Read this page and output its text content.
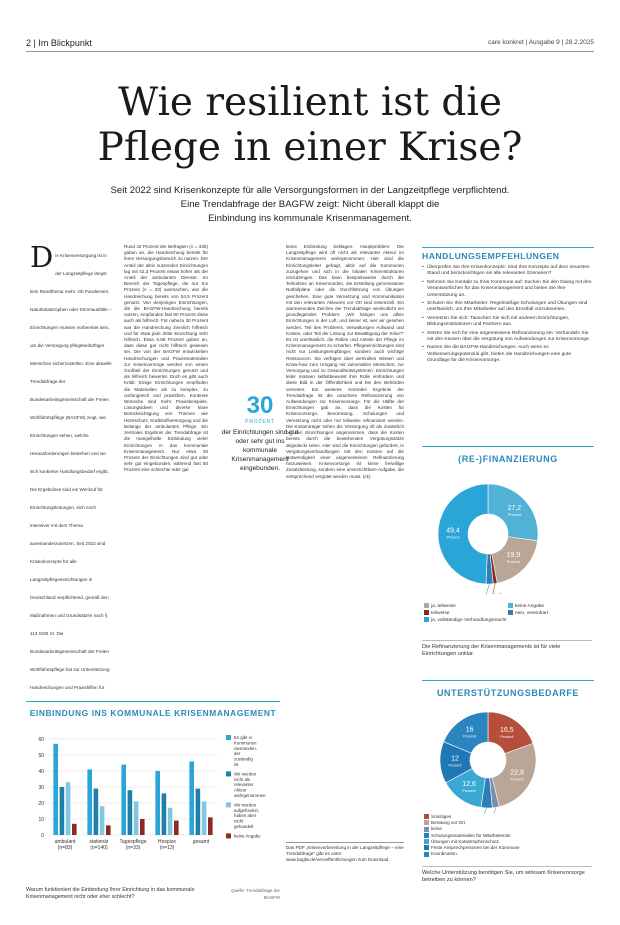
2 | Im Blickpunkt	care konkret | Ausgabe 9 | 28.2.2025
Wie resilient ist die
Pflege in einer Krise?
Seit 2022 sind Krisenkonzepte für alle Versorgungsformen in der Langzeitpflege verpflichtend.
Eine Trendabfrage der BAGFW zeigt: Nicht überall klappt die
Einbindung ins kommunale Krisenmanagement.
D ie Krisenversorgung ist in der Langzeitpflege längst kein Randthema mehr. Ob Pandemien, Naturkatastrophen oder Stromausfälle – Einrichtungen müssen vorbereitet sein, um die Versorgung pflegebedürftiger Menschen sicherzustellen. Eine aktuelle Trendabfrage der Bundesarbeitsgemeinschaft der Freien Wohlfahrtspflege (BAGFW) zeigt, wie Einrichtungen sehen, welche Herausforderungen bestehen und wo sich konkreter Handlungsbedarf ergibt. Die Ergebnisse sind ein Weckruf für Einrichtungsleitungen, sich noch intensiver mit dem Thema auseinanderzusetzen. Seit 2022 sind Krisenkonzepte für alle Langzeitpflegeeinrichtungen in Deutschland verpflichtend, gemäß den Maßnahmen und Grundsätzen nach § 113 SGB XI. Die Bundesarbeitsgemeinschaft der Freien Wohlfahrtspflege hat zur Unterstützung Handreichungen und Praxishilfen für
Rund 42 Prozent der Befragten (n = 345) gaben an, die Handreichung bereits für ihren Versorgungsbereich zu nutzen. Der Anteil der aktiv nutzenden Einrichtungen lag mit 42,3 Prozent etwas höher als der Anteil der ambulanten Dienste. Im Bereich der Tagespflege, die nur 9,5 Prozent (n = 33) ausmachen, war die Handreichung bereits von 54,5 Prozent genutzt. Von denjenigen Einrichtungen, die die BAGFW-Handreichung bereits nutzen, empfanden fast 90 Prozent diese auch als hilfreich. Für nahezu 30 Prozent war die Handreichung ziemlich hilfreich und für etwa jede dritte Einrichtung sehr hilfreich. Etwa 6,68 Prozent gaben an, dass diese gar nicht hilfreich gewesen sei. Die von der BAGFW entwickelten Handreichungen und Praxismaterialien zur Krisenvorsorge werden von einem Großteil der Einrichtungen genutzt und als hilfreich bewertet. Doch es gibt auch Kritik: Einige Einrichtungen empfinden die Materialien als zu komplex, zu umfangreich und praxisfern. Konkrete Wünsche sind mehr Praxisbeispiele, Lösungsideen und diverse klare Berücksichtigung von Themen wie Hitzeschutz, Kraftstoffversorgung und die Belange der ambulanten Pflege. Ein zentrales Ergebnis der Trendabfrage ist die mangelhafte Einbindung vieler Einrichtungen in das kommunale Krisenmanagement. Nur etwa 30 Prozent der Einrichtungen sind gut oder sehr gut eingebunden, während fast 60 Prozent eine schlechte oder gar
30
PROZENT
der Einrichtungen sind gut oder sehr gut ins kommunale Krisenmanagement eingebunden.
keine Einbindung beklagen. Hauptproblem: Die Langzeitpflege wird oft nicht als relevanter Akteur im Krisenmanagement wahrgenommen. Hier sind die Einrichtungsleiter gefragt, aktiv auf die Kommunen zuzugehen und sich in die lokalen Krisenstrukturen einzubringen. Das kann beispielsweise durch die Teilnahme an Krisenrunden, die Erstellung gemeinsamer Notfallpläne oder die Durchführung von Übungen geschehen. Eine gute Vernetzung und Kommunikation mit den relevanten Akteuren vor Ort sind essenziell. Ein alarmierendes Zeichen der Trendabfrage verdeutlicht ein grundlegendes Problem: „Wir hängen uns allein Einrichtungen in der Luft, und keiner ist, wer wir gesehen werden. Teil des Problems, Verwaltungen Aufwand und Kosten, oder Teil der Lösung zur Bewältigung der Krise?“ Es ist unerlässlich, die Rollen und Anteile der Pflege im Krisenmanagement zu schärfen. Pflegeeinrichtungen sind nicht nur Leistungsempfänger, sondern auch wichtige Ressourcen. Sie verfügen über wertvolles Wissen und Know-how zum Umgang mit vulnerablen Menschen, zur Versorgung und zu Gesundheitssystemen. Einrichtungen leiter müssen selbstbewusst ihre Rolle einfordern und diese Bild in der Öffentlichkeit und bei den Behörden vertreten. Ein weiteres zentrales Ergebnis der Trendabfrage ist die unsichere Refinanzierung von Aufwendungen zur Krisenvorsorge. Für die Hälfte der Einrichtungen gab an, dass die Kosten für Krisenvorsorge, Bevorratung, Schulungen und Vernetzung nicht oder nur teilweise refinanziert werden. Die Kostenträger sehen die Versorgung oft als zusätzlich bei den Einrichtungen angenommen, dass die Kosten bereits durch die bestehenden Vergütungssätze abgedeckt seien. Hier sind die Einrichtungen gefordert, in Vergütungsverhandlungen mit den Kassen auf die Notwendigkeit einer angemessenen Refinanzierung hinzuweisen. Krisenvorsorge ist keine freiwillige Zusatzleistung, sondern eine unverzichtbare Aufgabe, die entsprechend vergütet werden muss. (ck)
Das PDF „Krisenvorbereitung in der Langzeitpflege – eine Trendabfrage“ gibt es unter www.bagfw.de/veroeffentlichungen zum Download.
HANDLUNGSEMPFEHLUNGEN
• Überprüfen Sie Ihre Krisenkonzepte: Sind Ihre Konzepte auf dem neuesten Stand und berücksichtigen sie alle relevanten Szenarien?
• Nehmen Sie Kontakt zu Ihrer Kommune auf: Suchen Sie den Dialog mit den Verantwortlichen für das Krisenmanagement und bieten Sie Ihre Unterstützung an.
• Schulen Sie Ihre Mitarbeiter: Regelmäßige Schulungen und Übungen sind unerlässlich, um Ihre Mitarbeiter auf den Ernstfall vorzubereiten.
• Vernetzen Sie sich: Tauschen Sie sich mit anderen Einrichtungen, Bildungsinstitutionen und Partnern aus.
• Setzen Sie sich für eine angemessene Refinanzierung ein: Verhandeln Sie mit den Kassen über die Vergütung von Aufwendungen zur Krisenvorsorge.
• Nutzen Sie die BAGFW-Handreichungen: Auch wenn es Verbesserungspotenzial gibt, bieten die Handreichungen eine gute Grundlage für die Krisenvorsorge.
(RE-)FINANZIERUNG
27,2
Prozent
19,9
Prozent
49,4
Prozent
ja, teilweise	keine Angabe
teilweise	nein, vereinbart
ja, vollständige Verhandlungsmacht
Die Refinanzierung der Krisenmanagements ist für viele Einrichtungen unklar.
UNTERSTÜTZUNGSBEDARFE
16,5
Prozent
22,9
Prozent
12,6
Prozent
12
Prozent
16
Prozent
Sonstiges
Beratung vor Ort
keine
Schulungsmaterialien für Mitarbeitende
Übungen mit Katastrophenschutz
Feste Ansprechpersonen bei der Kommune
Koordination
Welche Unterstützung benötigen Sie, um wirksam Krisenvorsorge betreiben zu können?
EINBINDUNG INS KOMMUNALE KRISENMANAGEMENT
0
10
20
30
40
50
60
ambulant
(n=83)
stationär
(n=140)
Tagespflege
(n=33)
Hospize
(n=13)
gesamt
Es gibt in
Kommunen
niemanden,
der
zuständig
ist
Wir werden
nicht als
relevanter
Akteur
wahrgenommen
Wir wurden
aufgefordert,
haben aber
nicht
gehandelt
keine Angabe
Warum funktioniert die Einbindung Ihrer Einrichtung in das kommunale Krisenmanagement nicht oder eher schlecht?
Quelle: Trendabfrage der BAGFW
